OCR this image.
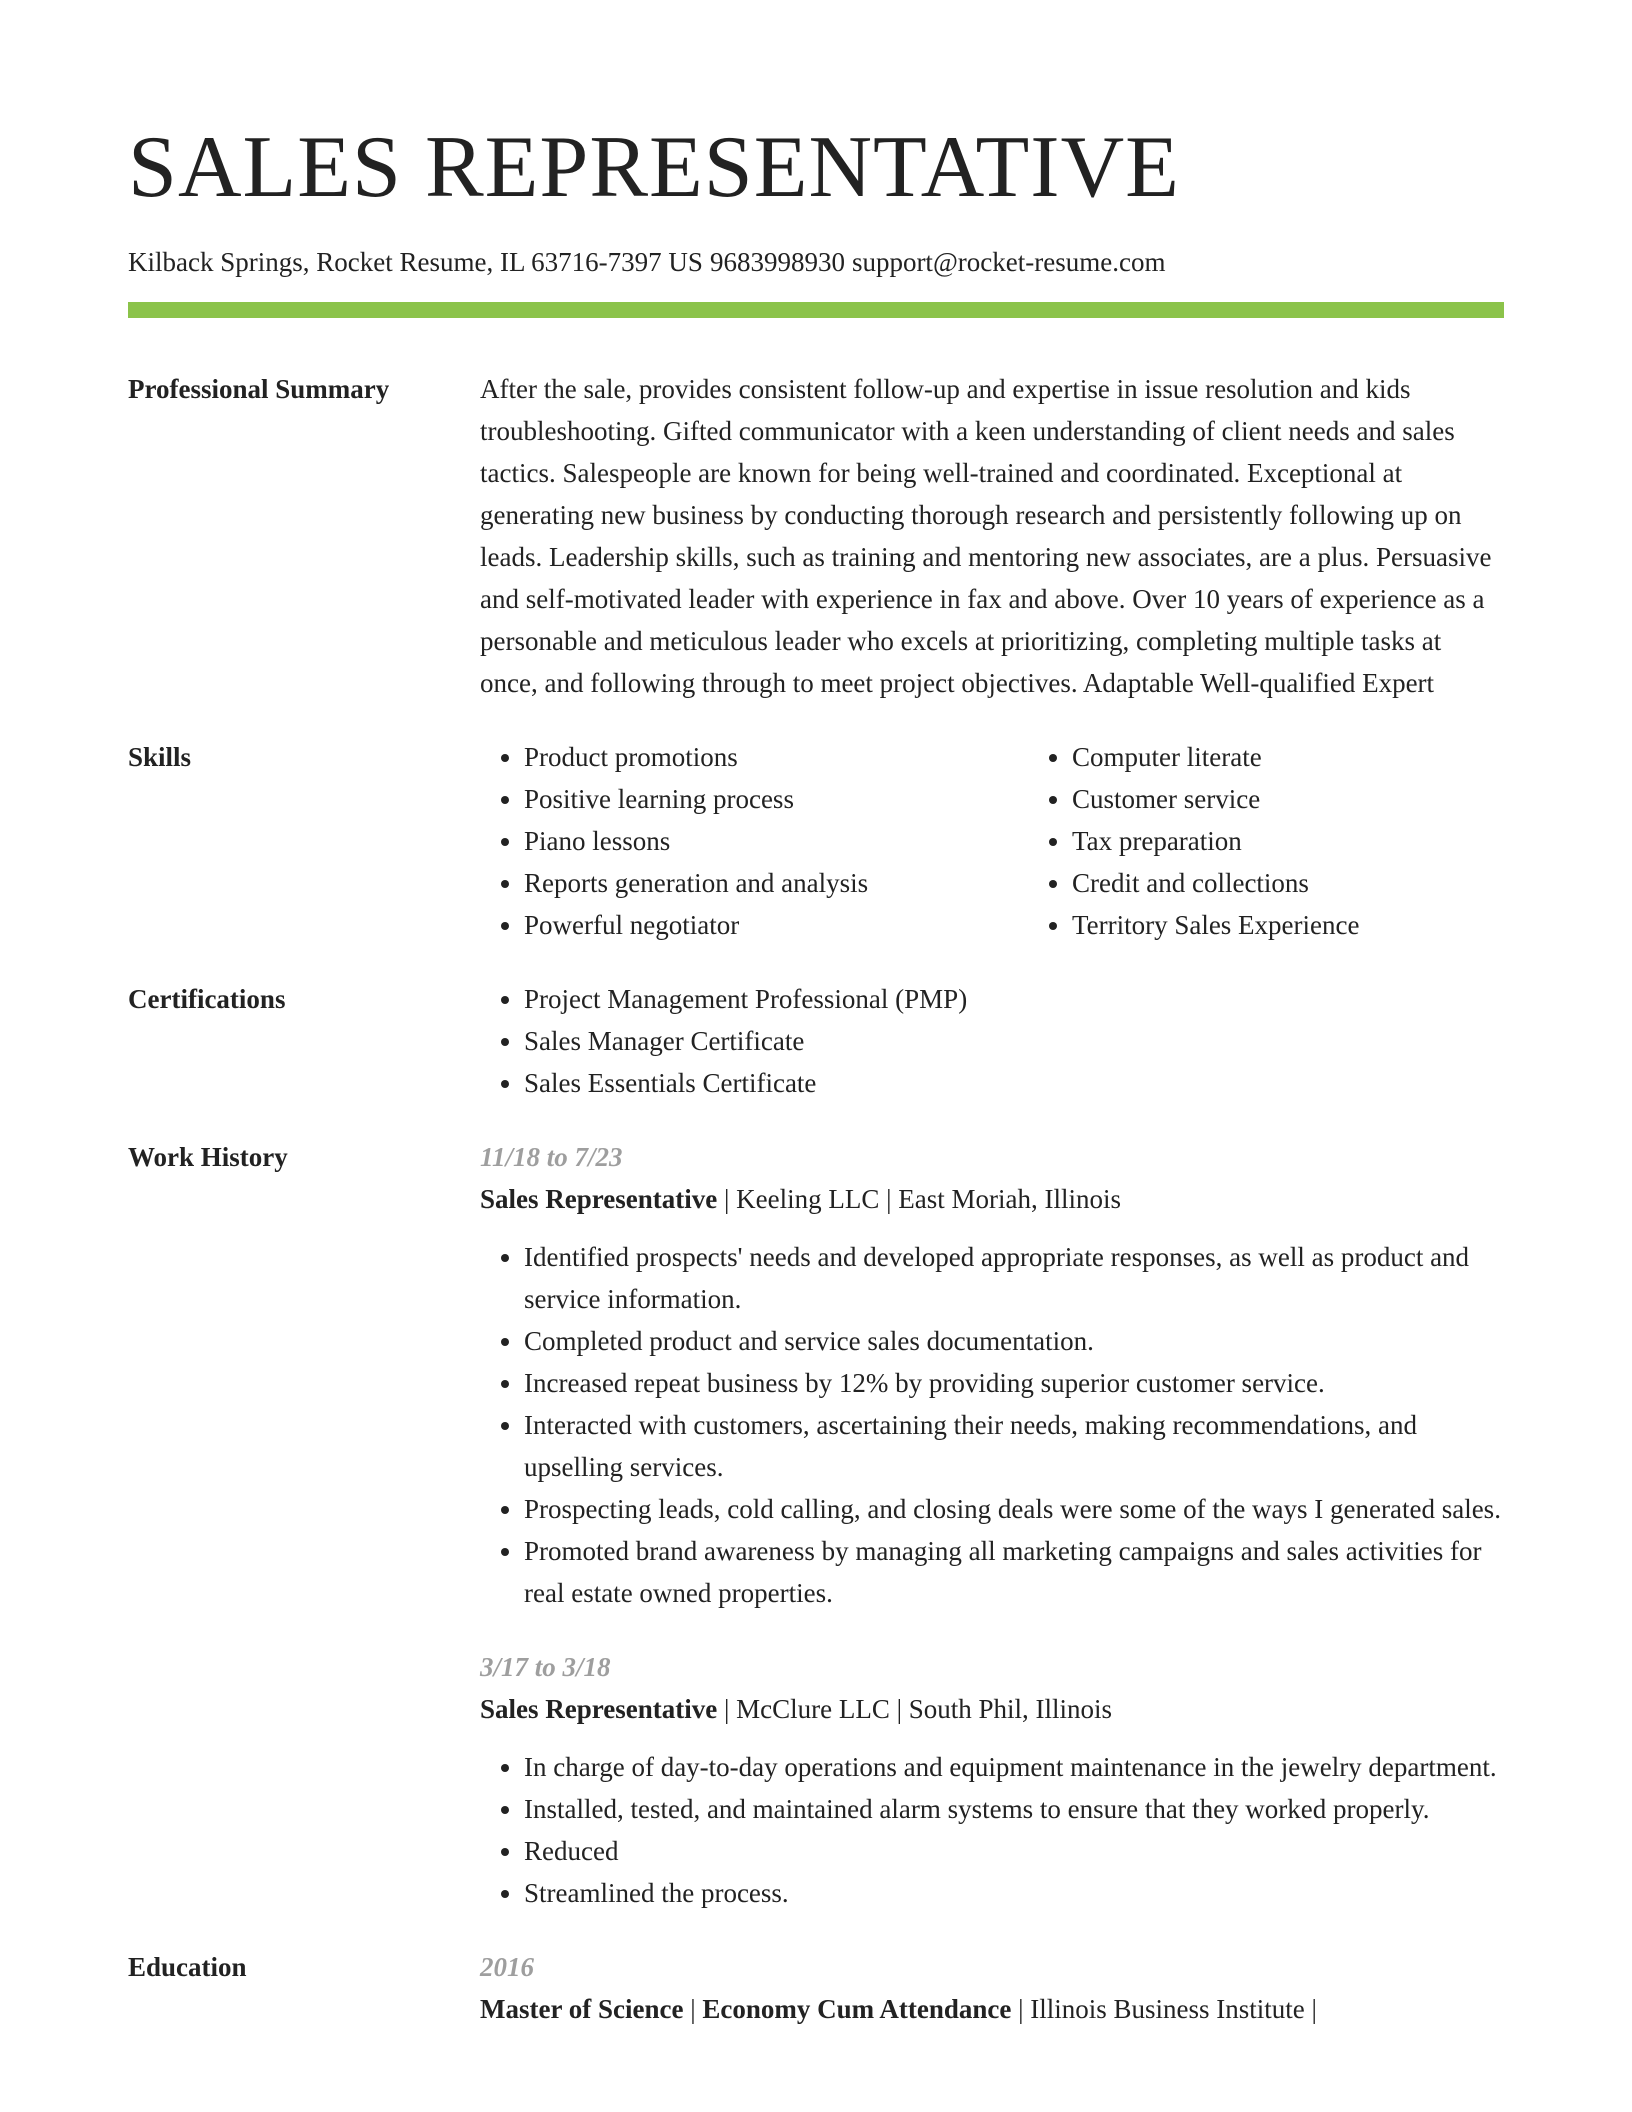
SALES REPRESENTATIVE
Kilback Springs, Rocket Resume, IL 63716-7397 US 9683998930 support@rocket-resume.com
Professional Summary	After the sale, provides consistent follow-up and expertise in issue resolution and kids troubleshooting. Gifted communicator with a keen understanding of client needs and sales tactics. Salespeople are known for being well-trained and coordinated. Exceptional at generating new business by conducting thorough research and persistently following up on leads. Leadership skills, such as training and mentoring new associates, are a plus. Persuasive and self-motivated leader with experience in fax and above. Over 10 years of experience as a personable and meticulous leader who excels at prioritizing, completing multiple tasks at once, and following through to meet project objectives. Adaptable Well-qualified Expert

Skills	• Product promotions
• Positive learning process
• Piano lessons
• Reports generation and analysis
• Powerful negotiator
• Computer literate
• Customer service
• Tax preparation
• Credit and collections
• Territory Sales Experience
Certifications	• Project Management Professional (PMP)
• Sales Manager Certificate
• Sales Essentials Certificate
Work History	11/18 to 7/23
Sales Representative | Keeling LLC | East Moriah, Illinois
• Identified prospects' needs and developed appropriate responses, as well as product and service information.
• Completed product and service sales documentation.
• Increased repeat business by 12% by providing superior customer service.
• Interacted with customers, ascertaining their needs, making recommendations, and upselling services.
• Prospecting leads, cold calling, and closing deals were some of the ways I generated sales.
• Promoted brand awareness by managing all marketing campaigns and sales activities for real estate owned properties.
3/17 to 3/18
Sales Representative | McClure LLC | South Phil, Illinois
• In charge of day-to-day operations and equipment maintenance in the jewelry department.
• Installed, tested, and maintained alarm systems to ensure that they worked properly.
• Reduced
• Streamlined the process.
Education	2016
Master of Science | Economy Cum Attendance | Illinois Business Institute |
